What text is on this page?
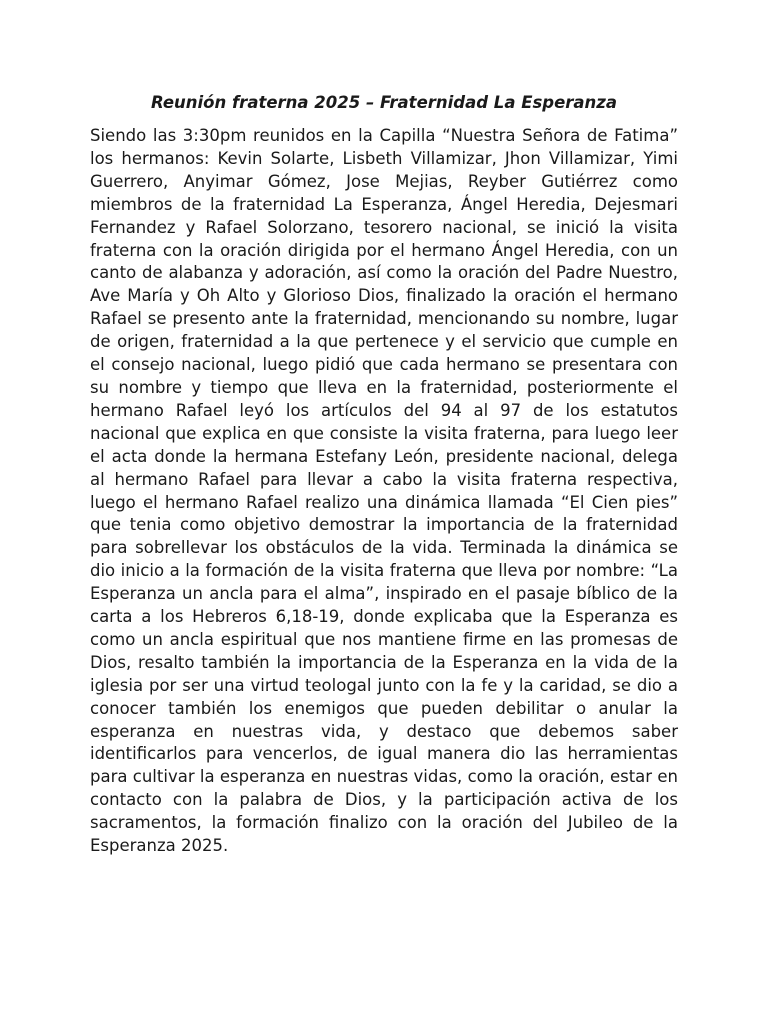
Reunión fraterna 2025 – Fraternidad La Esperanza

Siendo las 3:30pm reunidos en la Capilla “Nuestra Señora de Fatima” los hermanos: Kevin Solarte, Lisbeth Villamizar, Jhon Villamizar, Yimi Guerrero, Anyimar Gómez, Jose Mejias, Reyber Gutiérrez como miembros de la fraternidad La Esperanza, Ángel Heredia, Dejesmari Fernandez y Rafael Solorzano, tesorero nacional, se inició la visita fraterna con la oración dirigida por el hermano Ángel Heredia, con un canto de alabanza y adoración, así como la oración del Padre Nuestro, Ave María y Oh Alto y Glorioso Dios, finalizado la oración el hermano Rafael se presento ante la fraternidad, mencionando su nombre, lugar de origen, fraternidad a la que pertenece y el servicio que cumple en el consejo nacional, luego pidió que cada hermano se presentara con su nombre y tiempo que lleva en la fraternidad, posteriormente el hermano Rafael leyó los artículos del 94 al 97 de los estatutos nacional que explica en que consiste la visita fraterna, para luego leer el acta donde la hermana Estefany León, presidente nacional, delega al hermano Rafael para llevar a cabo la visita fraterna respectiva, luego el hermano Rafael realizo una dinámica llamada “El Cien pies” que tenia como objetivo demostrar la importancia de la fraternidad para sobrellevar los obstáculos de la vida. Terminada la dinámica se dio inicio a la formación de la visita fraterna que lleva por nombre: “La Esperanza un ancla para el alma”, inspirado en el pasaje bíblico de la carta a los Hebreros 6,18-19, donde explicaba que la Esperanza es como un ancla espiritual que nos mantiene firme en las promesas de Dios, resalto también la importancia de la Esperanza en la vida de la iglesia por ser una virtud teologal junto con la fe y la caridad, se dio a conocer también los enemigos que pueden debilitar o anular la esperanza en nuestras vida, y destaco que debemos saber identificarlos para vencerlos, de igual manera dio las herramientas para cultivar la esperanza en nuestras vidas, como la oración, estar en contacto con la palabra de Dios, y la participación activa de los sacramentos, la formación finalizo con la oración del Jubileo de la Esperanza 2025.
